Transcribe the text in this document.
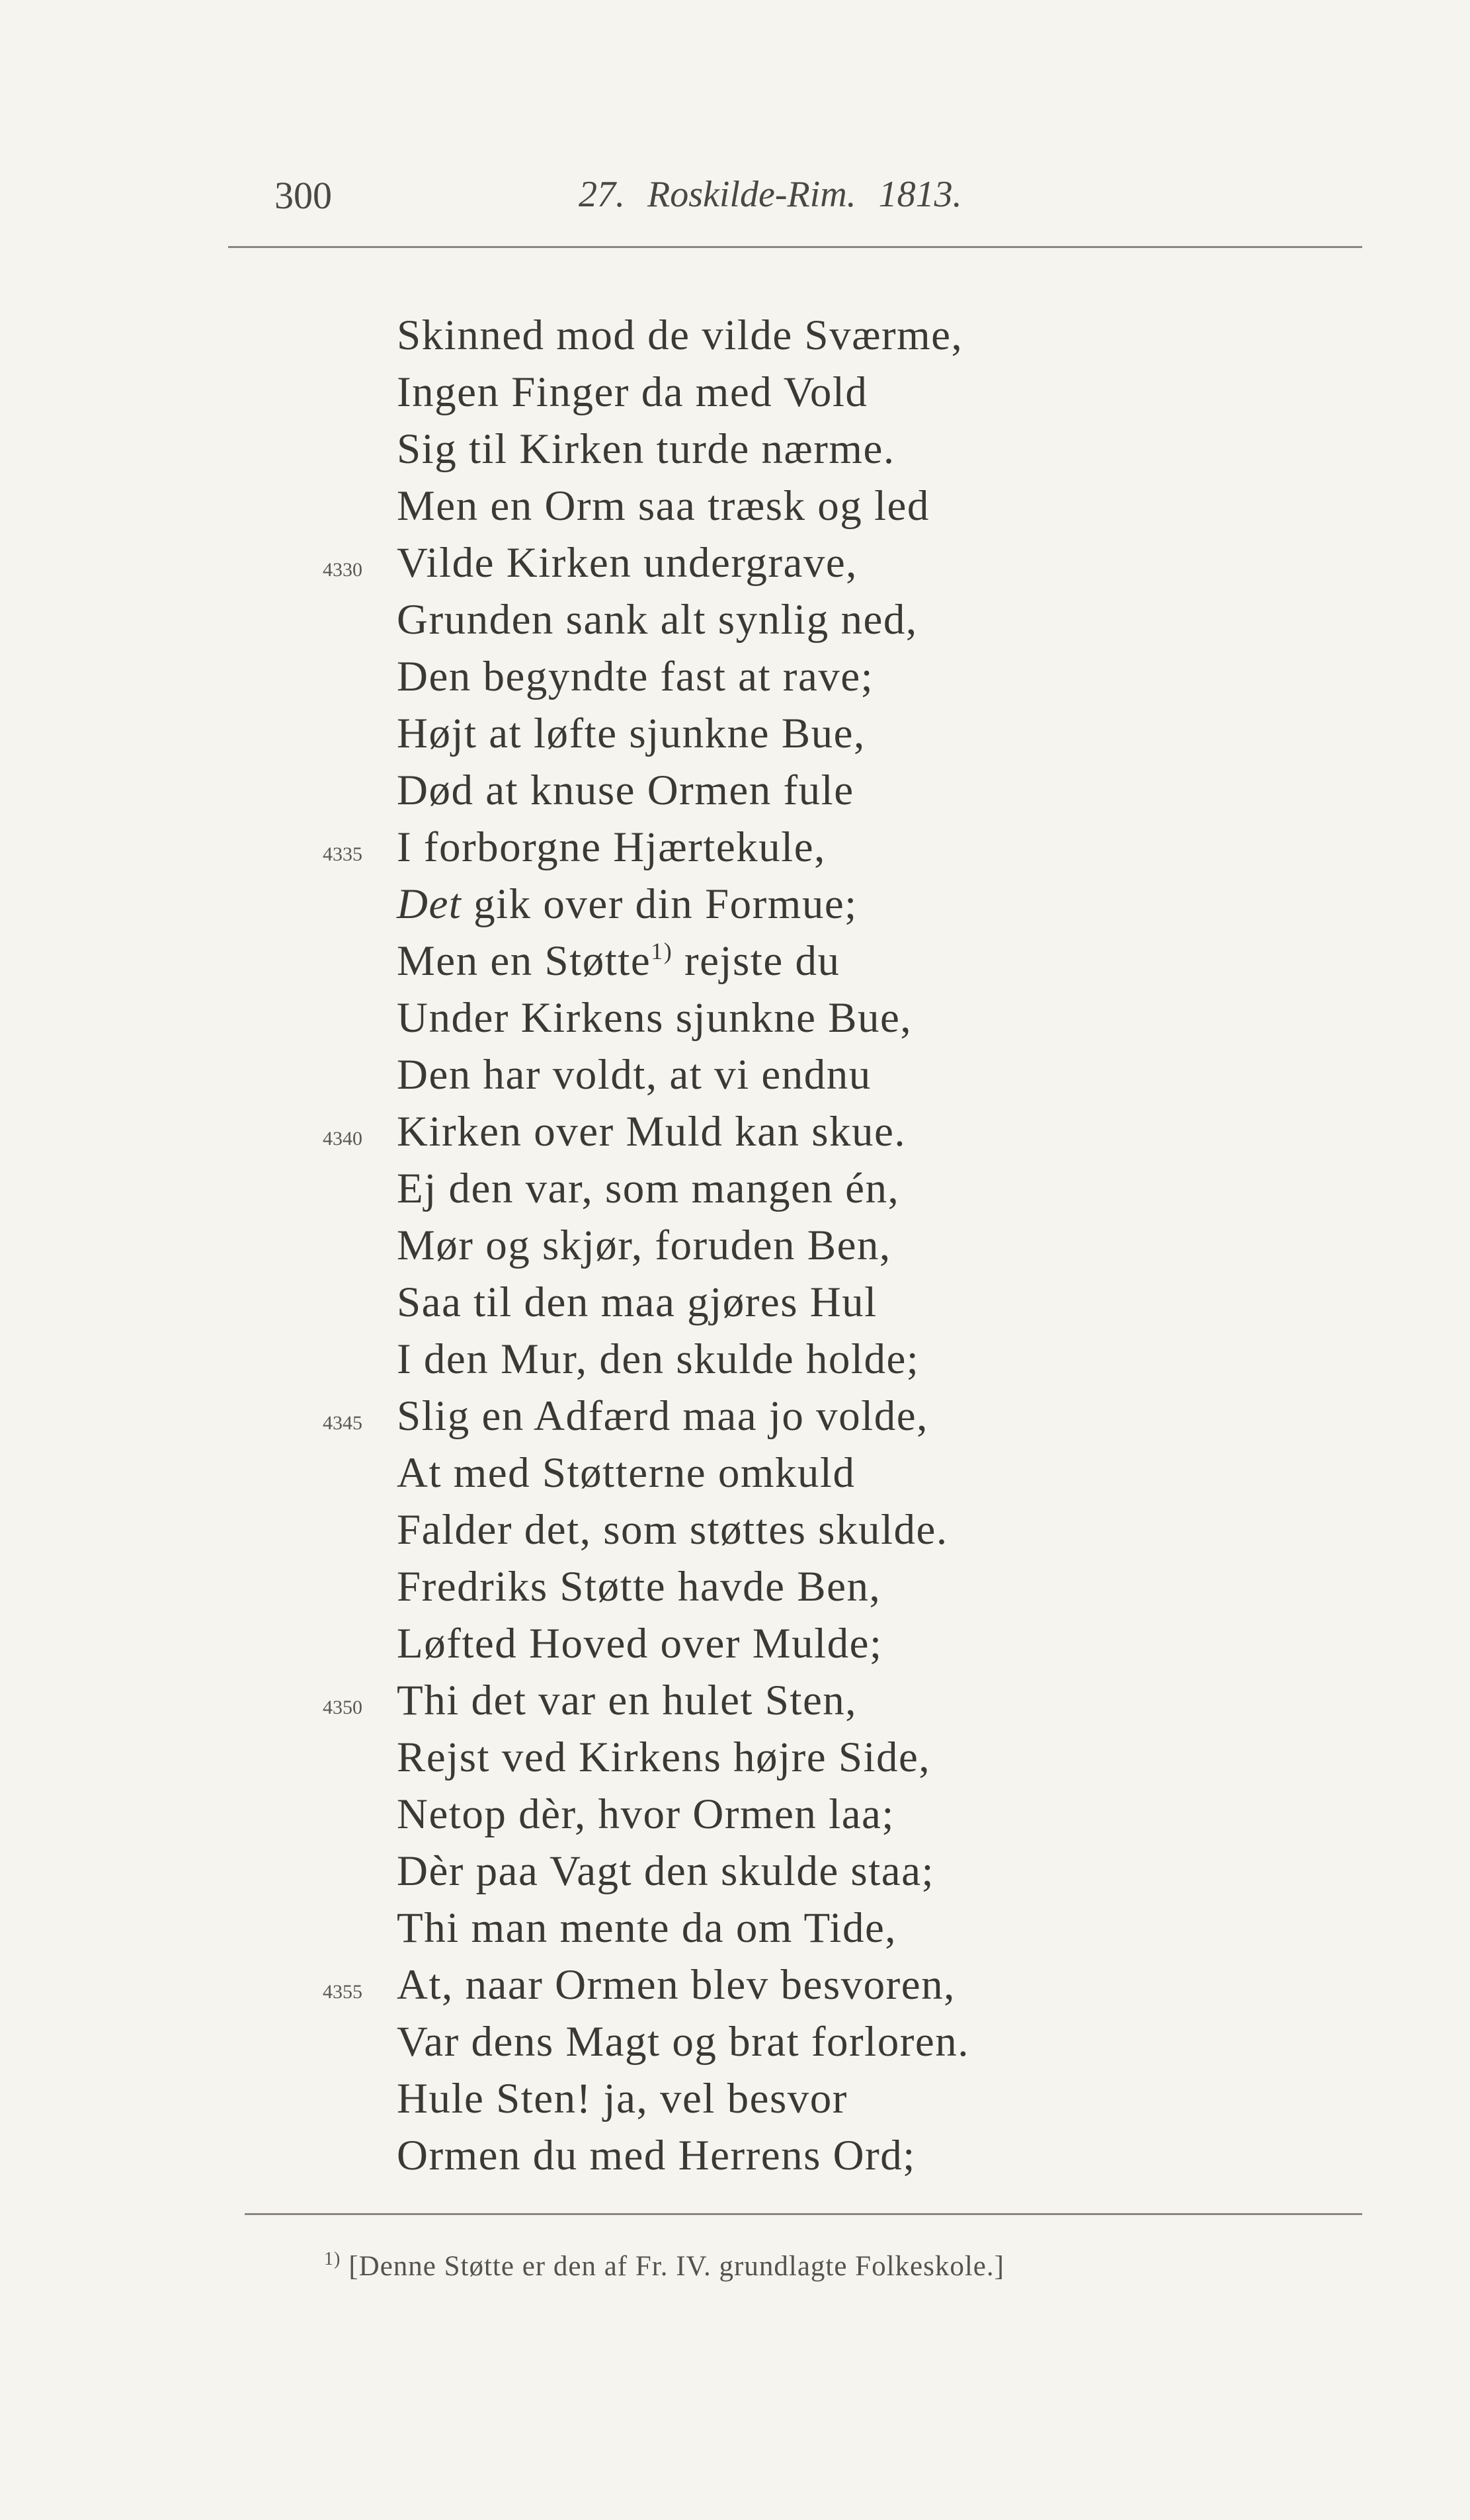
300	27. Roskilde-Rim. 1813.
Skinned mod de vilde Sværme,
Ingen Finger da med Vold
Sig til Kirken turde nærme.
Men en Orm saa træsk og led
4330 Vilde Kirken undergrave,
Grunden sank alt synlig ned,
Den begyndte fast at rave;
Højt at løfte sjunkne Bue,
Død at knuse Ormen fule
4335 I forborgne Hjærtekule,
Det gik over din Formue;
Men en Støtte$^{1)}$ rejste du
Under Kirkens sjunkne Bue,
Den har voldt, at vi endnu
4340 Kirken over Muld kan skue.
Ej den var, som mangen én,
Mør og skjør, foruden Ben,
Saa til den maa gjøres Hul
I den Mur, den skulde holde;
4345 Slig en Adfærd maa jo volde,
At med Støtterne omkuld
Falder det, som støttes skulde.
Fredriks Støtte havde Ben,
Løfted Hoved over Mulde;
4350 Thi det var en hulet Sten,
Rejst ved Kirkens højre Side,
Netop dèr, hvor Ormen laa;
Dèr paa Vagt den skulde staa;
Thi man mente da om Tide,
4355 At, naar Ormen blev besvoren,
Var dens Magt og brat forloren.
Hule Sten! ja, vel besvor
Ormen du med Herrens Ord;
$^{1)}$ [Denne Støtte er den af Fr. IV. grundlagte Folkeskole.]
